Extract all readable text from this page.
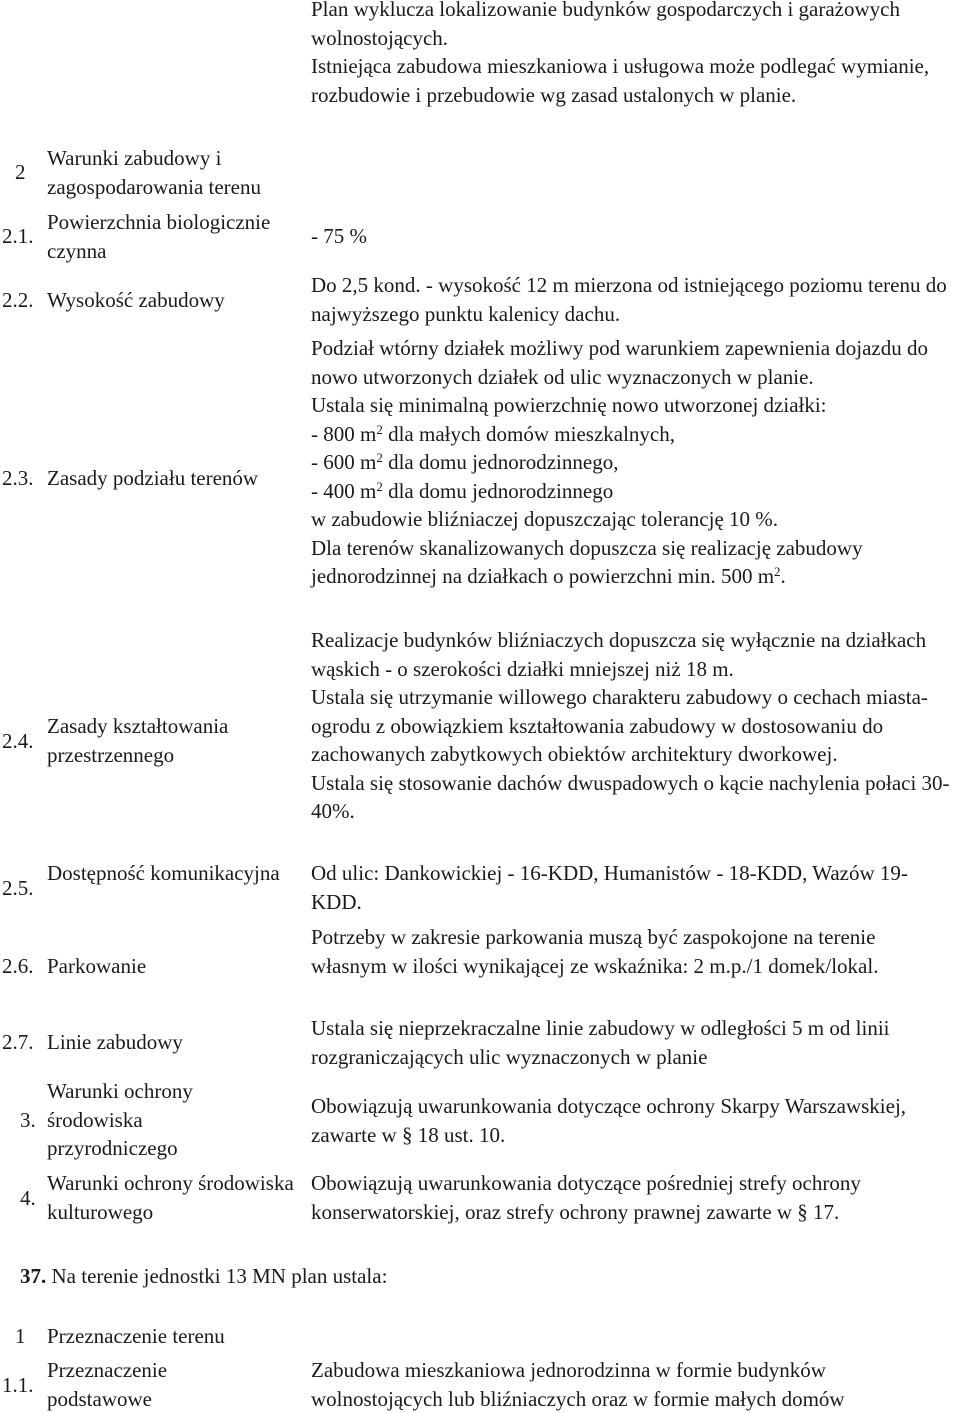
Plan wyklucza lokalizowanie budynków gospodarczych i garażowych wolnostojących.

Istniejąca zabudowa mieszkaniowa i usługowa może podlegać wymianie, rozbudowie i przebudowie wg zasad ustalonych w planie.

2
Warunki zabudowy i zagospodarowania terenu
2.1.
Powierzchnia biologicznie czynna
- 75 %
2.2. Wysokość zabudowy
Do 2,5 kond. - wysokość 12 m mierzona od istniejącego poziomu terenu do najwyższego punktu kalenicy dachu.
2.3. Zasady podziału terenów

Podział wtórny działek możliwy pod warunkiem zapewnienia dojazdu do nowo utworzonych działek od ulic wyznaczonych w planie.

Ustala się minimalną powierzchnię nowo utworzonej działki:

- 800 $m^2$ dla małych domów mieszkalnych,

- 600 $m^2$ dla domu jednorodzinnego,

- 400 $m^2$ dla domu jednorodzinnego

w zabudowie bliźniaczej dopuszczając tolerancję 10 %.

Dla terenów skanalizowanych dopuszcza się realizację zabudowy jednorodzinnej na działkach o powierzchni min. 500 $m^2$.

2.4.
Zasady kształtowania przestrzennego

Realizacje budynków bliźniaczych dopuszcza się wyłącznie na działkach wąskich - o szerokości działki mniejszej niż 18 m.

Ustala się utrzymanie willowego charakteru zabudowy o cechach miasta-ogrodu z obowiązkiem kształtowania zabudowy w dostosowaniu do zachowanych zabytkowych obiektów architektury dworkowej.

Ustala się stosowanie dachów dwuspadowych o kącie nachylenia połaci 30-40%.

2.5.
Dostępność komunikacyjna	Od ulic: Dankowickiej - 16-KDD, Humanistów - 18-KDD, Wazów 19-KDD.
2.6. Parkowanie
Potrzeby w zakresie parkowania muszą być zaspokojone na terenie własnym w ilości wynikającej ze wskaźnika: 2 m.p./1 domek/lokal.
2.7. Linie zabudowy
Ustala się nieprzekraczalne linie zabudowy w odległości 5 m od linii rozgraniczających ulic wyznaczonych w planie
3.
Warunki ochrony środowiska przyrodniczego
Obowiązują uwarunkowania dotyczące ochrony Skarpy Warszawskiej, zawarte w § 18 ust. 10.
4.
Warunki ochrony środowiska kulturowego
Obowiązują uwarunkowania dotyczące pośredniej strefy ochrony konserwatorskiej, oraz strefy ochrony prawnej zawarte w § 17.
37. Na terenie jednostki 13 MN plan ustala:
1 Przeznaczenie terenu
1.1.
Przeznaczenie podstawowe
Zabudowa mieszkaniowa jednorodzinna w formie budynków wolnostojących lub bliźniaczych oraz w formie małych domów
